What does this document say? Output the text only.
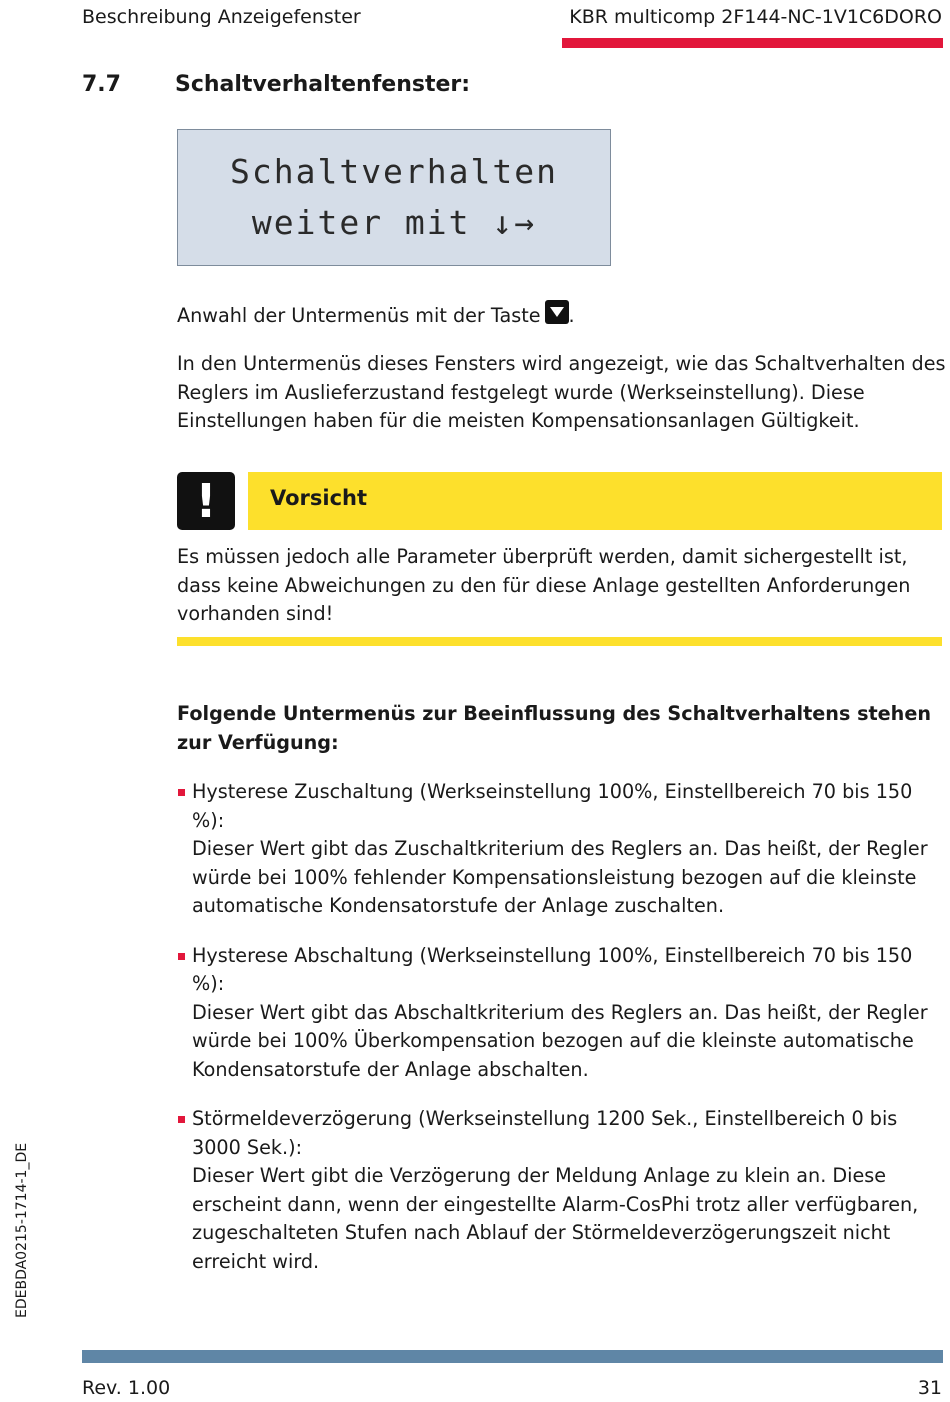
Beschreibung Anzeigefenster	KBR multicomp 2F144-NC-1V1C6DORO
7.7 Schaltverhaltenfenster:
Schaltverhalten
weiter mit ↓→
Anwahl der Untermenüs mit der Taste .
In den Untermenüs dieses Fensters wird angezeigt, wie das Schaltverhalten des Reglers im Auslieferzustand festgelegt wurde (Werkseinstellung). Diese Einstellungen haben für die meisten Kompensationsanlagen Gültigkeit.
!	Vorsicht
Es müssen jedoch alle Parameter überprüft werden, damit sichergestellt ist, dass keine Abweichungen zu den für diese Anlage gestellten Anforderungen vorhanden sind!
Folgende Untermenüs zur Beeinflussung des Schaltverhaltens stehen zur Verfügung:
Hysterese Zuschaltung (Werkseinstellung 100%, Einstellbereich 70 bis 150 %):
Dieser Wert gibt das Zuschaltkriterium des Reglers an. Das heißt, der Regler würde bei 100% fehlender Kompensationsleistung bezogen auf die kleinste automatische Kondensatorstufe der Anlage zuschalten.
Hysterese Abschaltung (Werkseinstellung 100%, Einstellbereich 70 bis 150 %):
Dieser Wert gibt das Abschaltkriterium des Reglers an. Das heißt, der Regler würde bei 100% Überkompensation bezogen auf die kleinste automatische Kondensatorstufe der Anlage abschalten.
Störmeldeverzögerung (Werkseinstellung 1200 Sek., Einstellbereich 0 bis 3000 Sek.):
Dieser Wert gibt die Verzögerung der Meldung Anlage zu klein an. Diese erscheint dann, wenn der eingestellte Alarm-CosPhi trotz aller verfügbaren, zugeschalteten Stufen nach Ablauf der Störmeldeverzögerungszeit nicht erreicht wird.
EDEBDA0215-1714-1_DE
Rev. 1.00	31
